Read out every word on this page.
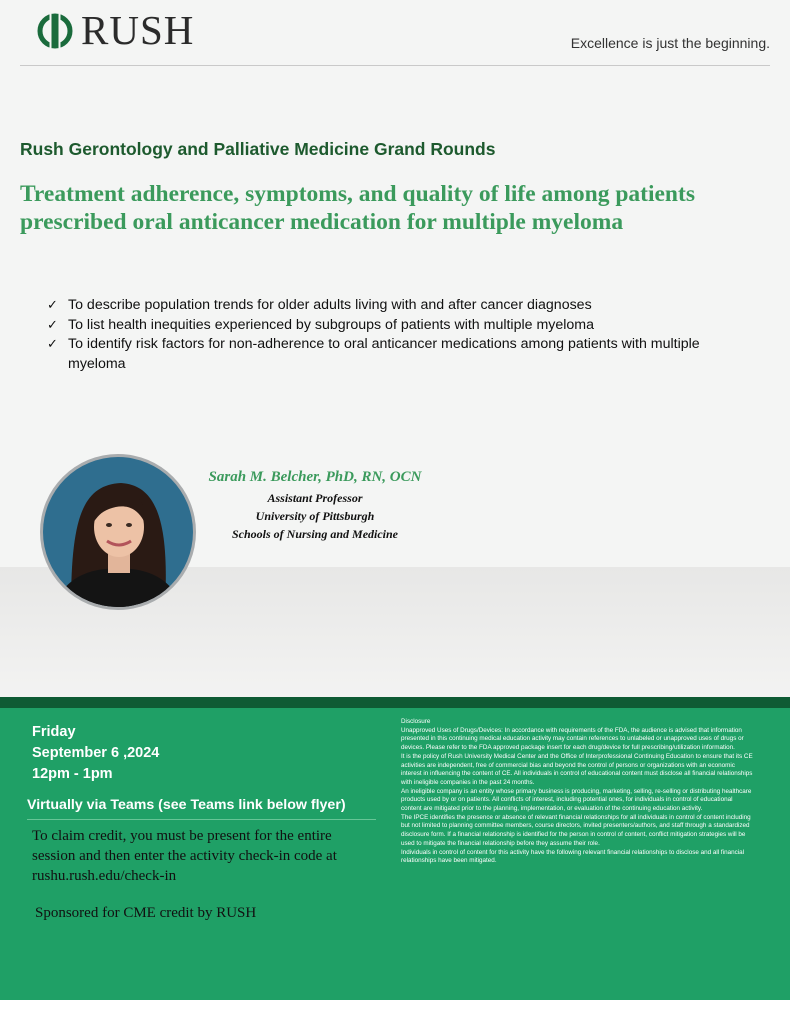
RUSH	Excellence is just the beginning.
Rush Gerontology and Palliative Medicine Grand Rounds
Treatment adherence, symptoms, and quality of life among patients prescribed oral anticancer medication for multiple myeloma
✓ To describe population trends for older adults living with and after cancer diagnoses
✓ To list health inequities experienced by subgroups of patients with multiple myeloma
✓ To identify risk factors for non-adherence to oral anticancer medications among patients with multiple myeloma
Sarah M. Belcher, PhD, RN, OCN
Assistant Professor
University of Pittsburgh
Schools of Nursing and Medicine
Friday
September 6 ,2024
12pm - 1pm
Virtually via Teams (see Teams link below flyer)
To claim credit, you must be present for the entire session and then enter the activity check-in code at rushu.rush.edu/check-in
Sponsored for CME credit by RUSH
Disclosure
Unapproved Uses of Drugs/Devices: In accordance with requirements of the FDA, the audience is advised that information presented in this continuing medical education activity may contain references to unlabeled or unapproved uses of drugs or devices. Please refer to the FDA approved package insert for each drug/device for full prescribing/utilization information.
It is the policy of Rush University Medical Center and the Office of Interprofessional Continuing Education to ensure that its CE activities are independent, free of commercial bias and beyond the control of persons or organizations with an economic interest in influencing the content of CE. All individuals in control of educational content must disclose all financial relationships with ineligible companies in the past 24 months.
An ineligible company is an entity whose primary business is producing, marketing, selling, re-selling or distributing healthcare products used by or on patients. All conflicts of interest, including potential ones, for individuals in control of educational content are mitigated prior to the planning, implementation, or evaluation of the continuing education activity.
The IPCE identifies the presence or absence of relevant financial relationships for all individuals in control of content including but not limited to planning committee members, course directors, invited presenters/authors, and staff through a standardized disclosure form. If a financial relationship is identified for the person in control of content, conflict mitigation strategies will be used to mitigate the financial relationship before they assume their role.
Individuals in control of content for this activity have the following relevant financial relationships to disclose and all financial relationships have been mitigated.
